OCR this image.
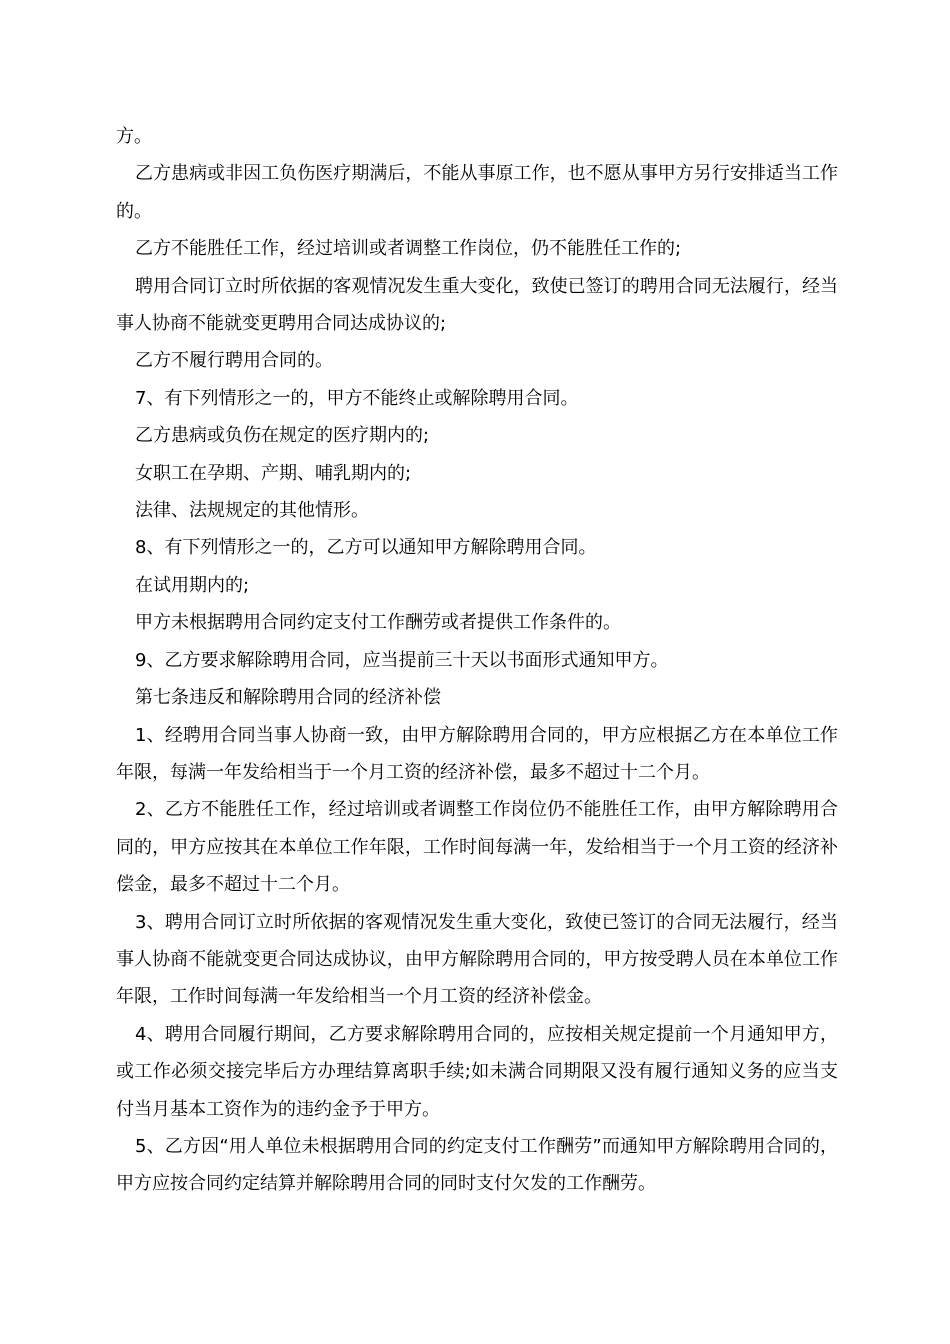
方。

乙方患病或非因工负伤医疗期满后，不能从事原工作，也不愿从事甲方另行安排适当工作的。

乙方不能胜任工作，经过培训或者调整工作岗位，仍不能胜任工作的;

聘用合同订立时所依据的客观情况发生重大变化，致使已签订的聘用合同无法履行，经当事人协商不能就变更聘用合同达成协议的;

乙方不履行聘用合同的。

7、有下列情形之一的，甲方不能终止或解除聘用合同。

乙方患病或负伤在规定的医疗期内的;

女职工在孕期、产期、哺乳期内的;

法律、法规规定的其他情形。

8、有下列情形之一的，乙方可以通知甲方解除聘用合同。

在试用期内的;

甲方未根据聘用合同约定支付工作酬劳或者提供工作条件的。

9、乙方要求解除聘用合同，应当提前三十天以书面形式通知甲方。

第七条违反和解除聘用合同的经济补偿

1、经聘用合同当事人协商一致，由甲方解除聘用合同的，甲方应根据乙方在本单位工作年限，每满一年发给相当于一个月工资的经济补偿，最多不超过十二个月。

2、乙方不能胜任工作，经过培训或者调整工作岗位仍不能胜任工作，由甲方解除聘用合同的，甲方应按其在本单位工作年限，工作时间每满一年，发给相当于一个月工资的经济补偿金，最多不超过十二个月。

3、聘用合同订立时所依据的客观情况发生重大变化，致使已签订的合同无法履行，经当事人协商不能就变更合同达成协议，由甲方解除聘用合同的，甲方按受聘人员在本单位工作年限，工作时间每满一年发给相当一个月工资的经济补偿金。

4、聘用合同履行期间，乙方要求解除聘用合同的，应按相关规定提前一个月通知甲方，或工作必须交接完毕后方办理结算离职手续;如未满合同期限又没有履行通知义务的应当支付当月基本工资作为的违约金予于甲方。

5、乙方因“用人单位未根据聘用合同的约定支付工作酬劳”而通知甲方解除聘用合同的，甲方应按合同约定结算并解除聘用合同的同时支付欠发的工作酬劳。
